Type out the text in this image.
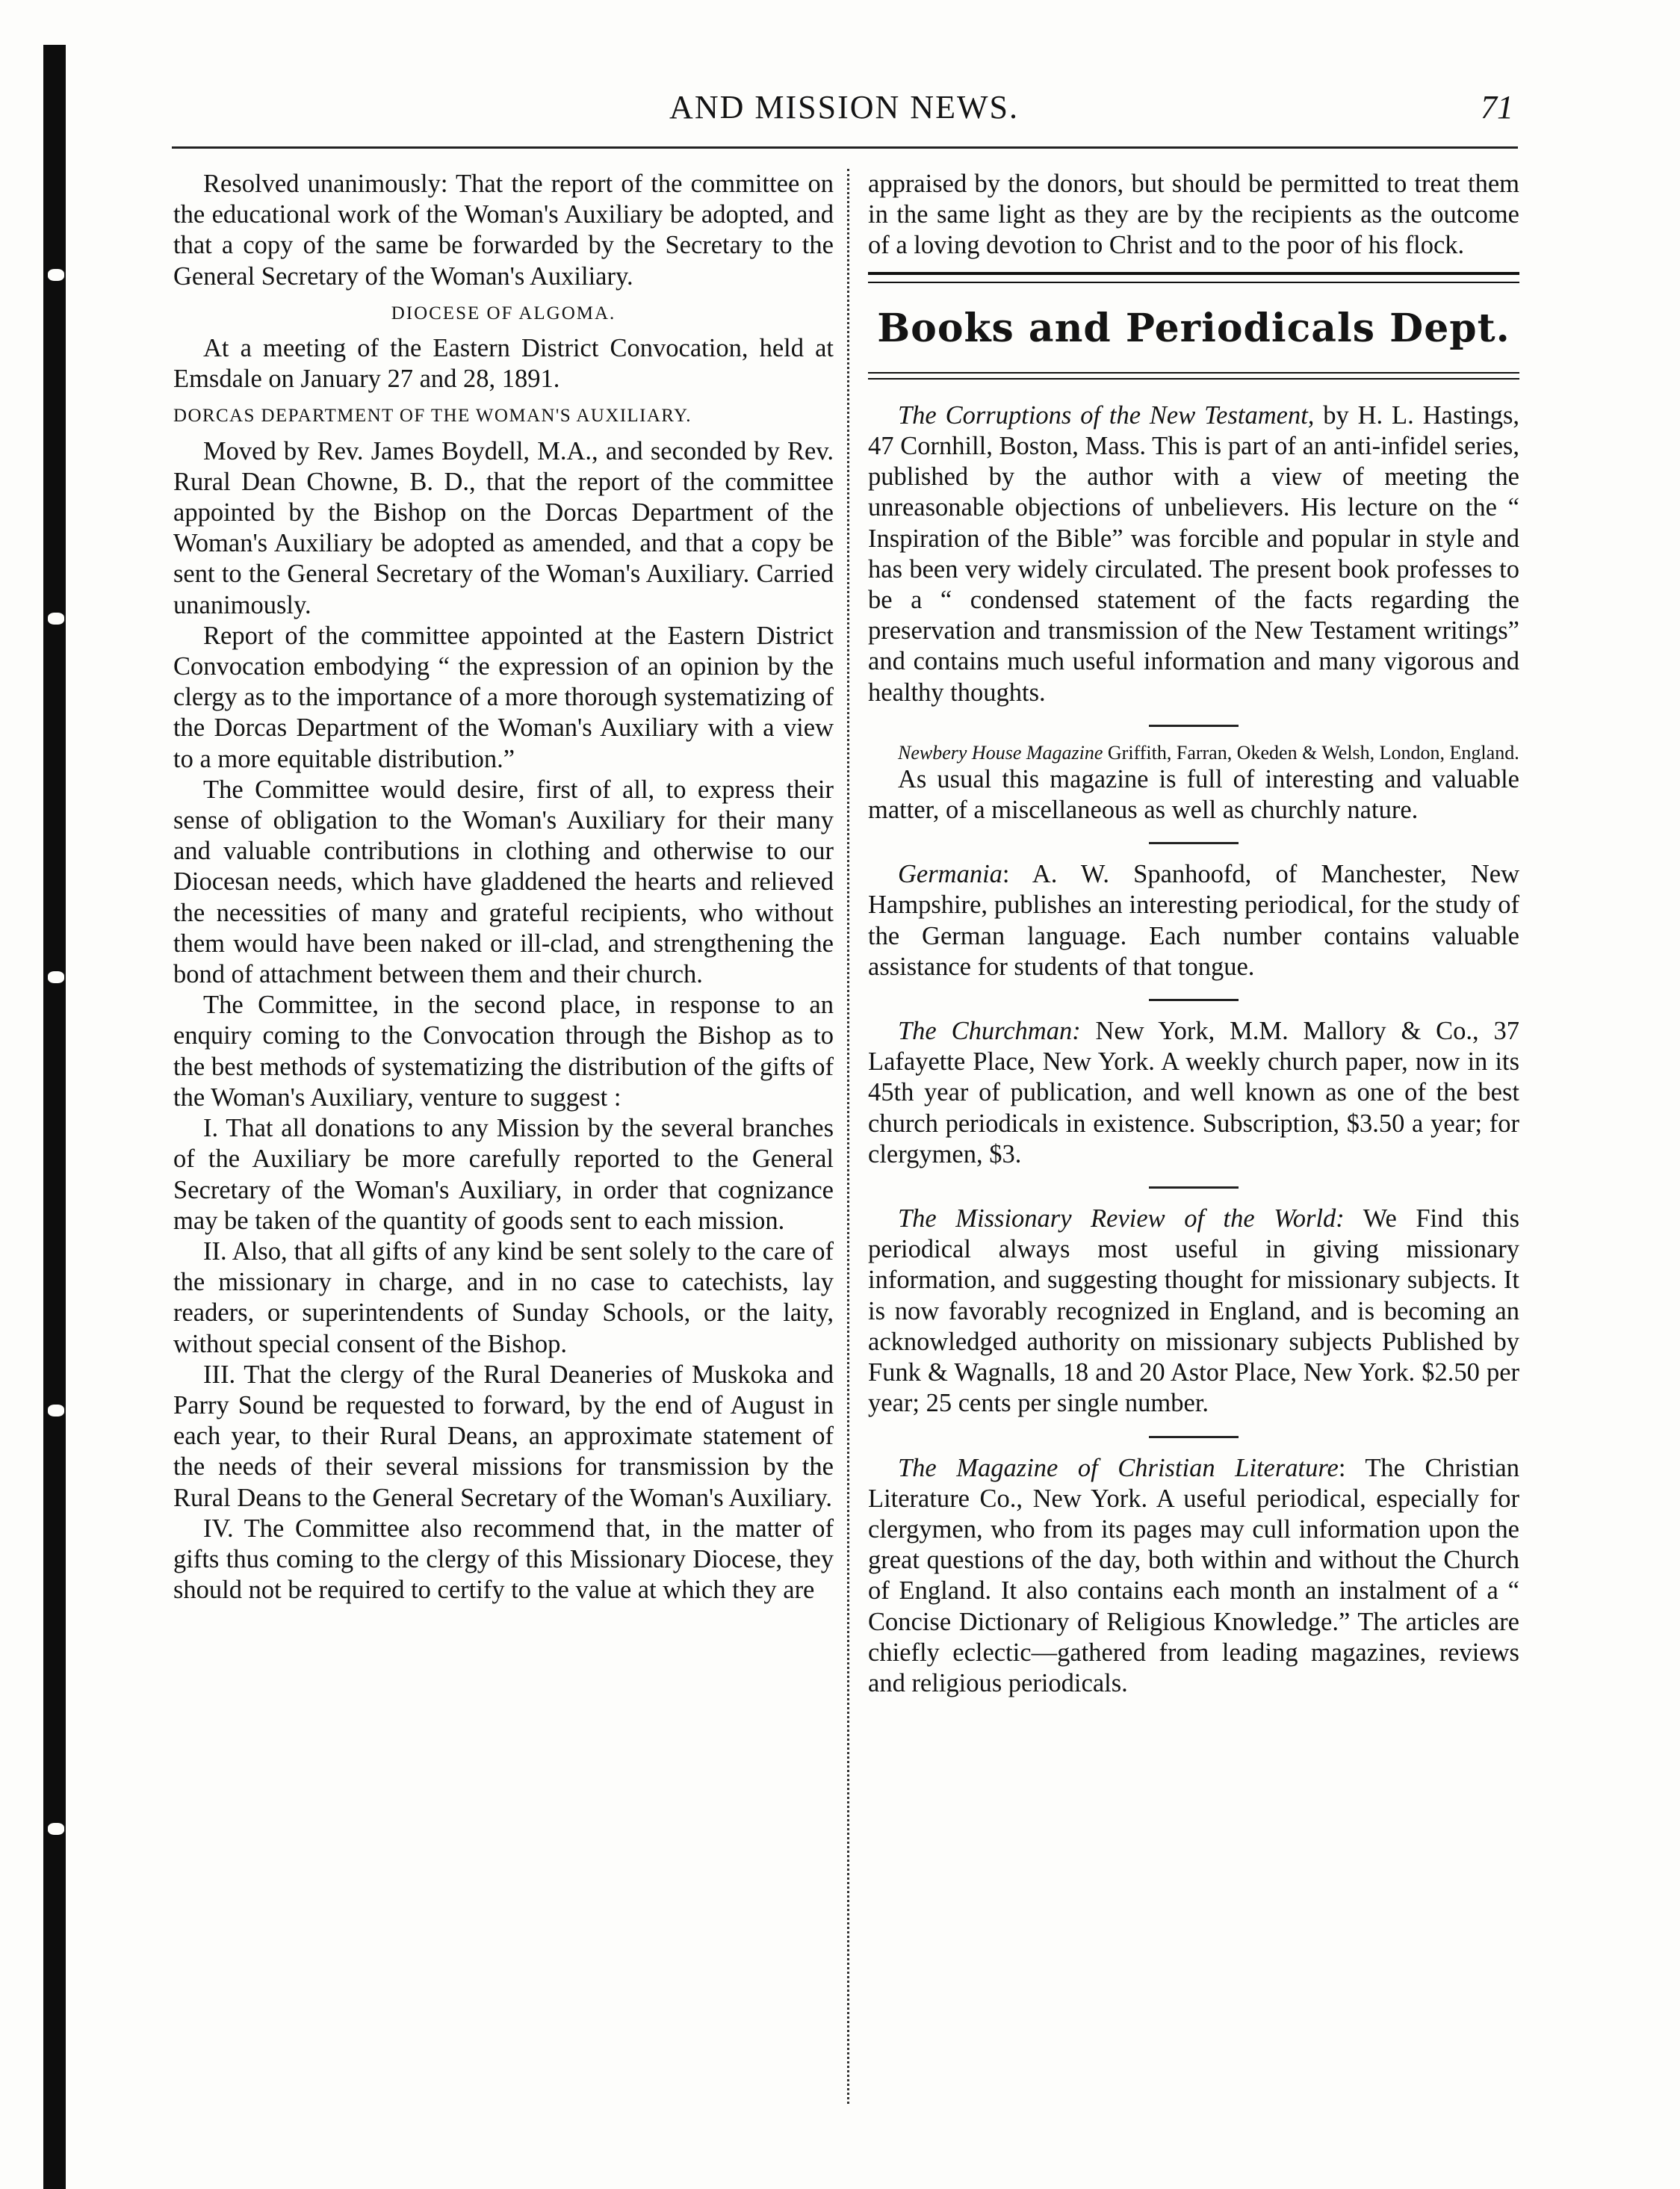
AND MISSION NEWS.	71

Resolved unanimously: That the report of the committee on the educational work of the Woman's Auxiliary be adopted, and that a copy of the same be forwarded by the Secretary to the General Secretary of the Woman's Auxiliary.

DIOCESE OF ALGOMA.

At a meeting of the Eastern District Convocation, held at Emsdale on January 27 and 28, 1891.

DORCAS DEPARTMENT OF THE WOMAN'S AUXILIARY.

Moved by Rev. James Boydell, M.A., and seconded by Rev. Rural Dean Chowne, B. D., that the report of the committee appointed by the Bishop on the Dorcas Department of the Woman's Auxiliary be adopted as amended, and that a copy be sent to the General Secretary of the Woman's Auxiliary. Carried unanimously.

Report of the committee appointed at the Eastern District Convocation embodying “ the expression of an opinion by the clergy as to the importance of a more thorough systematizing of the Dorcas Department of the Woman's Auxiliary with a view to a more equitable distribution.”

The Committee would desire, first of all, to express their sense of obligation to the Woman's Auxiliary for their many and valuable contributions in clothing and otherwise to our Diocesan needs, which have gladdened the hearts and relieved the necessities of many and grateful recipients, who without them would have been naked or ill-clad, and strengthening the bond of attachment between them and their church.

The Committee, in the second place, in response to an enquiry coming to the Convocation through the Bishop as to the best methods of systematizing the distribution of the gifts of the Woman's Auxiliary, venture to suggest :

I. That all donations to any Mission by the several branches of the Auxiliary be more carefully reported to the General Secretary of the Woman's Auxiliary, in order that cognizance may be taken of the quantity of goods sent to each mission.

II. Also, that all gifts of any kind be sent solely to the care of the missionary in charge, and in no case to catechists, lay readers, or superintendents of Sunday Schools, or the laity, without special consent of the Bishop.

III. That the clergy of the Rural Deaneries of Muskoka and Parry Sound be requested to forward, by the end of August in each year, to their Rural Deans, an approximate statement of the needs of their several missions for transmission by the Rural Deans to the General Secretary of the Woman's Auxiliary.

IV. The Committee also recommend that, in the matter of gifts thus coming to the clergy of this Missionary Diocese, they should not be required to certify to the value at which they are

appraised by the donors, but should be permitted to treat them in the same light as they are by the recipients as the outcome of a loving devotion to Christ and to the poor of his flock.

Books and Periodicals Dept.

The Corruptions of the New Testament, by H. L. Hastings, 47 Cornhill, Boston, Mass. This is part of an anti-infidel series, published by the author with a view of meeting the unreasonable objections of unbelievers. His lecture on the “ Inspiration of the Bible” was forcible and popular in style and has been very widely circulated. The present book professes to be a “ condensed statement of the facts regarding the preservation and transmission of the New Testament writings” and contains much useful information and many vigorous and healthy thoughts.

Newbery House Magazine Griffith, Farran, Okeden & Welsh, London, England.

As usual this magazine is full of interesting and valuable matter, of a miscellaneous as well as churchly nature.

Germania: A. W. Spanhoofd, of Manchester, New Hampshire, publishes an interesting periodical, for the study of the German language. Each number contains valuable assistance for students of that tongue.

The Churchman: New York, M.M. Mallory & Co., 37 Lafayette Place, New York. A weekly church paper, now in its 45th year of publication, and well known as one of the best church periodicals in existence. Subscription, $3.50 a year; for clergymen, $3.

The Missionary Review of the World: We Find this periodical always most useful in giving missionary information, and suggesting thought for missionary subjects. It is now favorably recognized in England, and is becoming an acknowledged authority on missionary subjects Published by Funk & Wagnalls, 18 and 20 Astor Place, New York. $2.50 per year; 25 cents per single number.

The Magazine of Christian Literature: The Christian Literature Co., New York. A useful periodical, especially for clergymen, who from its pages may cull information upon the great questions of the day, both within and without the Church of England. It also contains each month an instalment of a “ Concise Dictionary of Religious Knowledge.” The articles are chiefly eclectic—gathered from leading magazines, reviews and religious periodicals.
